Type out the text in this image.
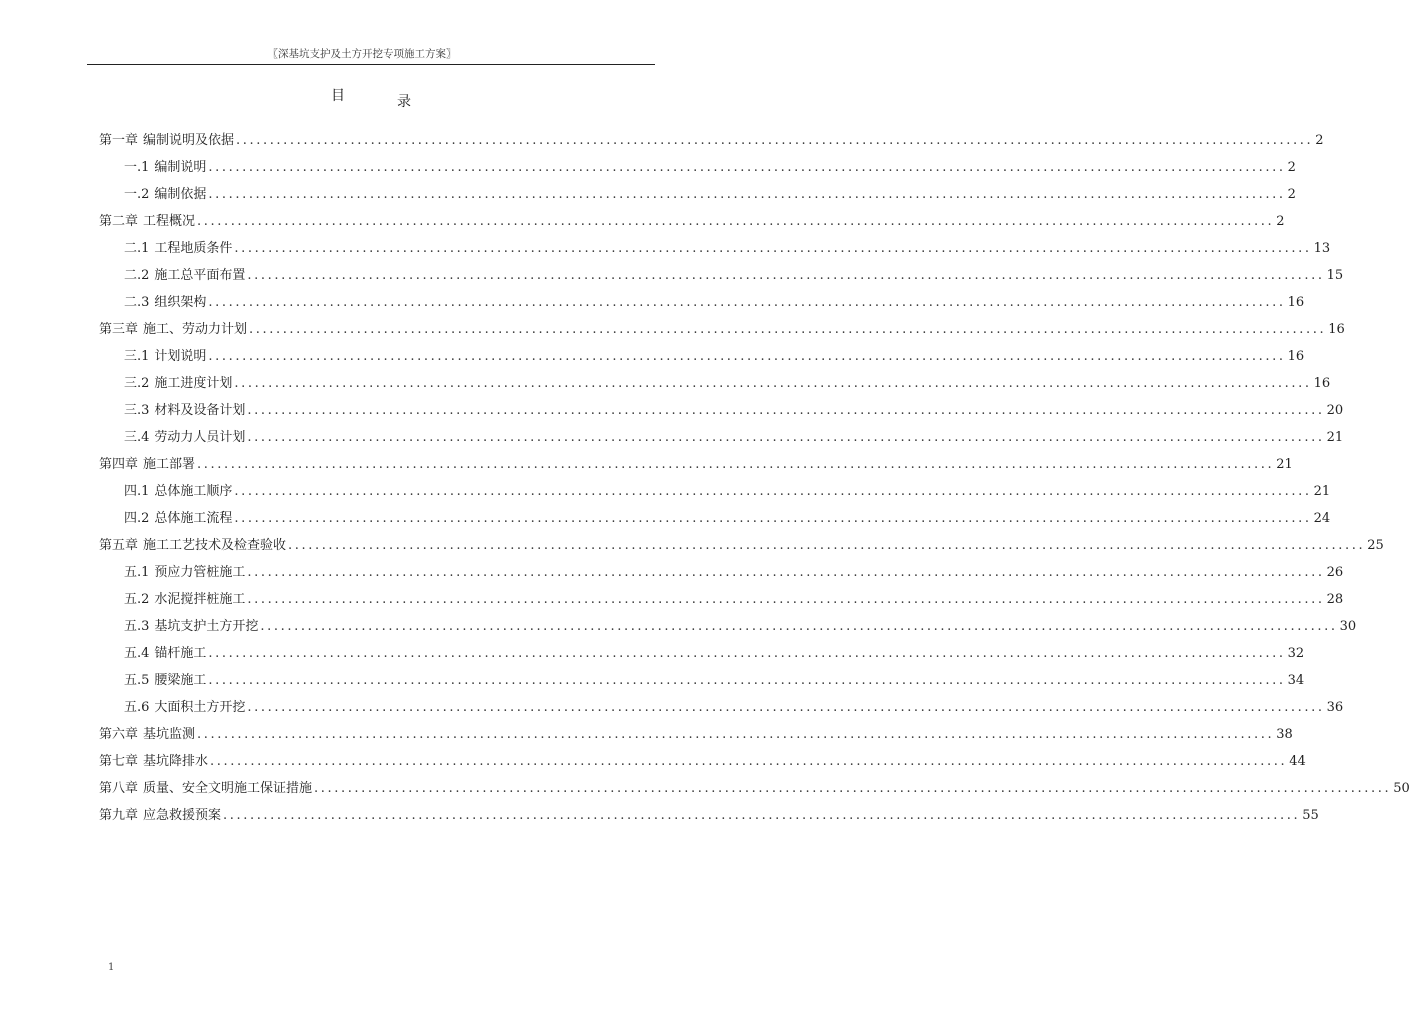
〖深基坑支护及土方开挖专项施工方案〗
目	录
第一章 编制说明及依据 ................................................................................................................................................................ 2
一.1 编制说明 ................................................................................................................................................................ 2
一.2 编制依据 ................................................................................................................................................................ 2
第二章 工程概况 ................................................................................................................................................................ 2
二.1 工程地质条件 ................................................................................................................................................................ 13
二.2 施工总平面布置 ................................................................................................................................................................ 15
二.3 组织架构 ................................................................................................................................................................ 16
第三章 施工、劳动力计划 ................................................................................................................................................................ 16
三.1 计划说明 ................................................................................................................................................................ 16
三.2 施工进度计划 ................................................................................................................................................................ 16
三.3 材料及设备计划 ................................................................................................................................................................ 20
三.4 劳动力人员计划 ................................................................................................................................................................ 21
第四章 施工部署 ................................................................................................................................................................ 21
四.1 总体施工顺序 ................................................................................................................................................................ 21
四.2 总体施工流程 ................................................................................................................................................................ 24
第五章 施工工艺技术及检查验收 ................................................................................................................................................................ 25
五.1 预应力管桩施工 ................................................................................................................................................................ 26
五.2 水泥搅拌桩施工 ................................................................................................................................................................ 28
五.3 基坑支护土方开挖 ................................................................................................................................................................ 30
五.4 锚杆施工 ................................................................................................................................................................ 32
五.5 腰梁施工 ................................................................................................................................................................ 34
五.6 大面积土方开挖 ................................................................................................................................................................ 36
第六章 基坑监测 ................................................................................................................................................................ 38
第七章 基坑降排水 ................................................................................................................................................................ 44
第八章 质量、安全文明施工保证措施 ................................................................................................................................................................ 50
第九章 应急救援预案 ................................................................................................................................................................ 55
1
